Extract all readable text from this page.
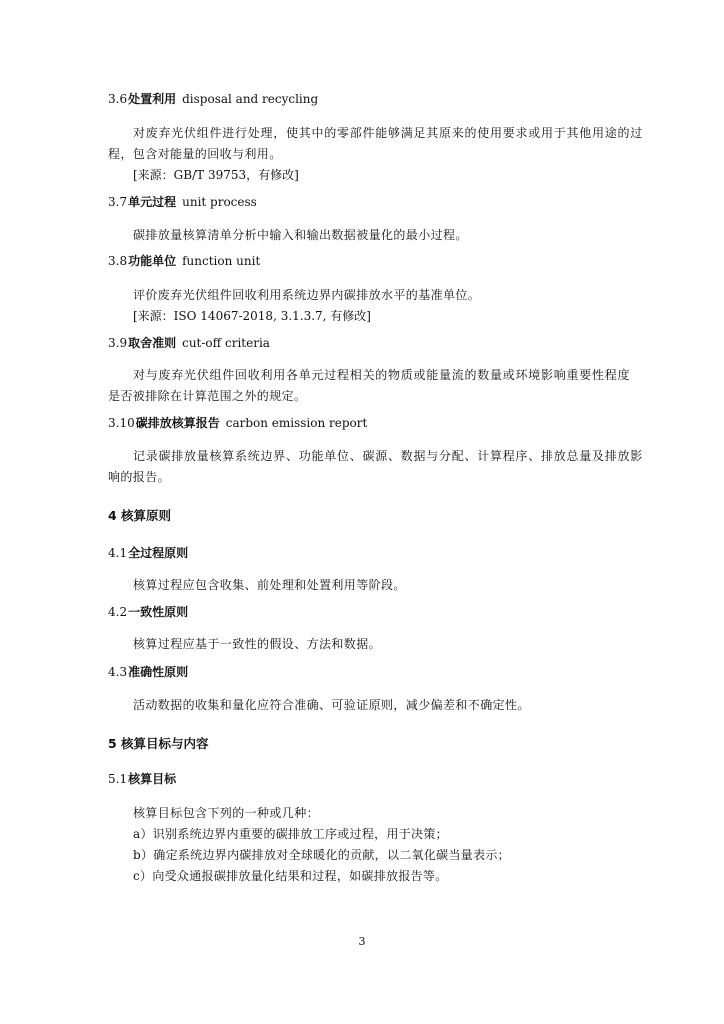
3.6处置利用 disposal and recycling
对废弃光伏组件进行处理，使其中的零部件能够满足其原来的使用要求或用于其他用途的过
程，包含对能量的回收与利用。
[来源：GB/T 39753，有修改]
3.7单元过程 unit process
碳排放量核算清单分析中输入和输出数据被量化的最小过程。
3.8功能单位 function unit
评价废弃光伏组件回收利用系统边界内碳排放水平的基准单位。
[来源：ISO 14067-2018, 3.1.3.7, 有修改]
3.9取舍准则 cut-off criteria
对与废弃光伏组件回收利用各单元过程相关的物质或能量流的数量或环境影响重要性程度
是否被排除在计算范围之外的规定。
3.10碳排放核算报告 carbon emission report
记录碳排放量核算系统边界、功能单位、碳源、数据与分配、计算程序、排放总量及排放影
响的报告。
4 核算原则
4.1全过程原则
核算过程应包含收集、前处理和处置利用等阶段。
4.2一致性原则
核算过程应基于一致性的假设、方法和数据。
4.3准确性原则
活动数据的收集和量化应符合准确、可验证原则，减少偏差和不确定性。
5 核算目标与内容
5.1核算目标
核算目标包含下列的一种或几种：
a）识别系统边界内重要的碳排放工序或过程，用于决策；
b）确定系统边界内碳排放对全球暖化的贡献，以二氧化碳当量表示；
c）向受众通报碳排放量化结果和过程，如碳排放报告等。
3
